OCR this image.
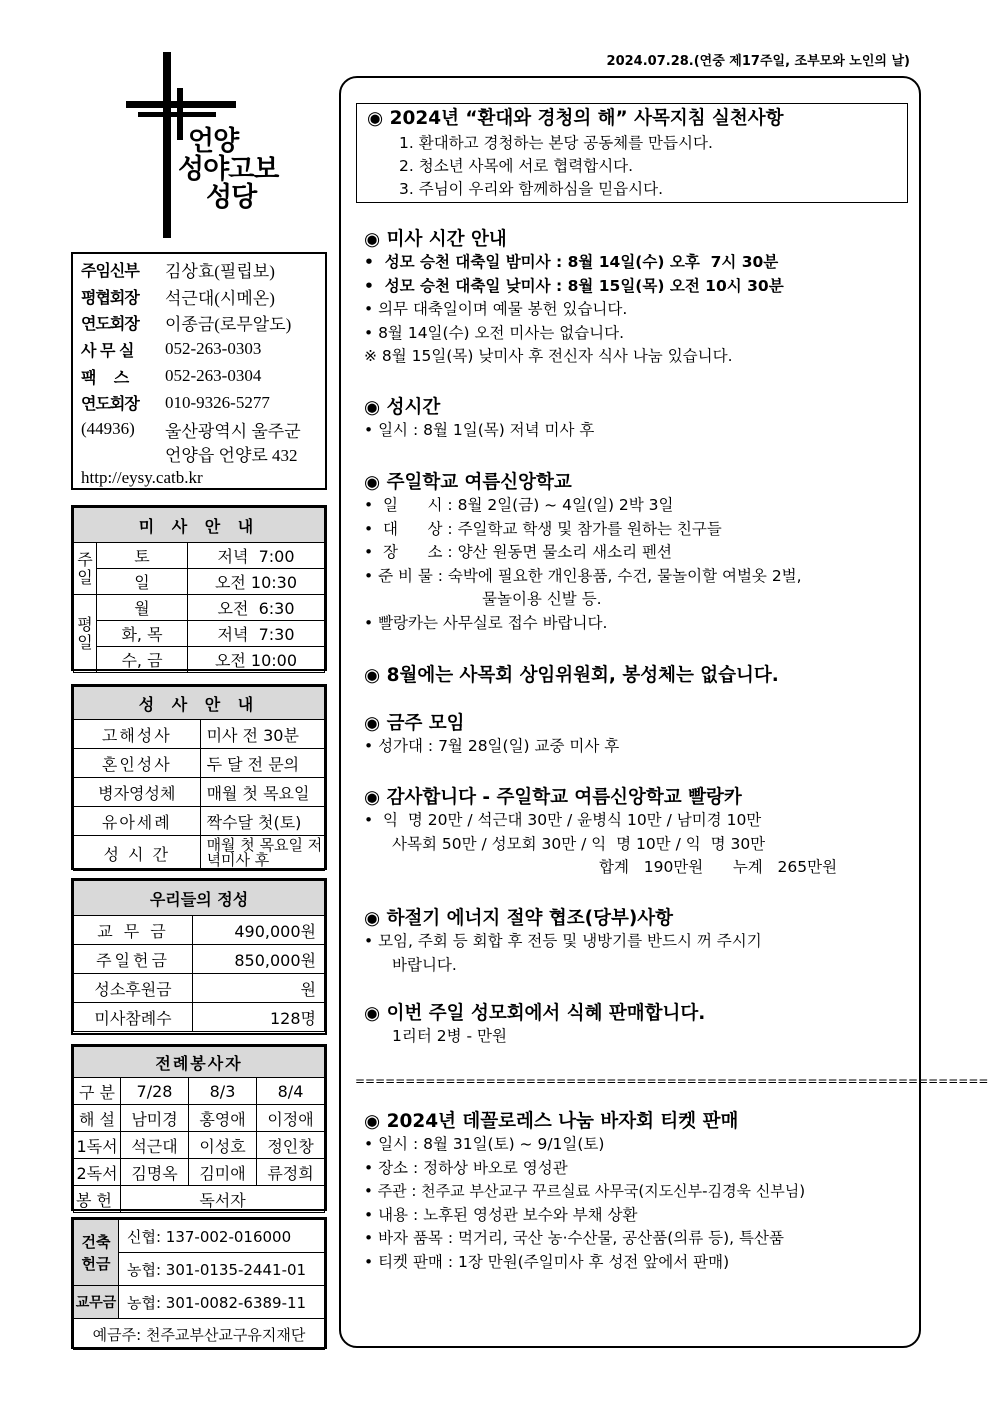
2024.07.28.(연중 제17주일, 조부모와 노인의 날)
언양
성야고보
성당
주임신부	김상효(필립보)
평협회장	석근대(시메온)
연도회장	이종금(로무알도)
사 무 실	052-263-0303
팩    스	052-263-0304
연도회장	010-9326-5277
(44936)	울산광역시 울주군
언양읍 언양로 432
http://eysy.catb.kr
미 사 안 내		
주일	토	저녁  7:00
	일	오전 10:30
평일	월	오전  6:30
	화, 목	저녁  7:30
	수, 금	오전 10:00
성 사 안 내	
고해성사	미사 전 30분
혼인성사	두 달 전 문의
병자영성체	매월 첫 목요일
유아세례	짝수달 첫(토)
성 시 간	매월 첫 목요일 저녁미사 후
우리들의 정성	
교 무 금	490,000원
주일헌금	850,000원
성소후원금	원
미사참례수	128명
전례봉사자			
구 분	7/28	8/3	8/4
해 설	남미경	홍영애	이정애
1독서	석근대	이성호	정인창
2독서	김명옥	김미애	류정희
봉 헌	독서자		
건축헌금	신협: 137-002-016000
	농협: 301-0135-2441-01
교무금	농협: 301-0082-6389-11
예금주: 천주교부산교구유지재단	
◉ 2024년 “환대와 경청의 해” 사목지침 실천사항
1. 환대하고 경청하는 본당 공동체를 만듭시다.
2. 청소년 사목에 서로 협력합시다.
3. 주님이 우리와 함께하심을 믿읍시다.
◉ 미사 시간 안내
•  성모 승천 대축일 밤미사 : 8월 14일(수) 오후  7시 30분
•  성모 승천 대축일 낮미사 : 8월 15일(목) 오전 10시 30분
• 의무 대축일이며 예물 봉헌 있습니다.
• 8월 14일(수) 오전 미사는 없습니다.
※ 8월 15일(목) 낮미사 후 전신자 식사 나눔 있습니다.
◉ 성시간
• 일시 : 8월 1일(목) 저녁 미사 후
◉ 주일학교 여름신앙학교
•  일      시 : 8월 2일(금) ~ 4일(일) 2박 3일
•  대      상 : 주일학교 학생 및 참가를 원하는 친구들
•  장      소 : 양산 원동면 물소리 새소리 펜션
• 준 비 물 : 숙박에 필요한 개인용품, 수건, 물놀이할 여벌옷 2벌,
물놀이용 신발 등.
• 빨랑카는 사무실로 접수 바랍니다.
◉ 8월에는 사목회 상임위원회, 봉성체는 없습니다.
◉ 금주 모임
• 성가대 : 7월 28일(일) 교중 미사 후
◉ 감사합니다 - 주일학교 여름신앙학교 빨랑카
•  익  명 20만 / 석근대 30만 / 윤병식 10만 / 남미경 10만
사목회 50만 / 성모회 30만 / 익  명 10만 / 익  명 30만
합계   190만원      누계   265만원
◉ 하절기 에너지 절약 협조(당부)사항
• 모임, 주회 등 회합 후 전등 및 냉방기를 반드시 꺼 주시기
바랍니다.
◉ 이번 주일 성모회에서 식혜 판매합니다.
1리터 2병 - 만원
===============================================================
◉ 2024년 데꼴로레스 나눔 바자회 티켓 판매
• 일시 : 8월 31일(토) ~ 9/1일(토)
• 장소 : 정하상 바오로 영성관
• 주관 : 천주교 부산교구 꾸르실료 사무국(지도신부-김경욱 신부님)
• 내용 : 노후된 영성관 보수와 부채 상환
• 바자 품목 : 먹거리, 국산 농·수산물, 공산품(의류 등), 특산품
• 티켓 판매 : 1장 만원(주일미사 후 성전 앞에서 판매)
